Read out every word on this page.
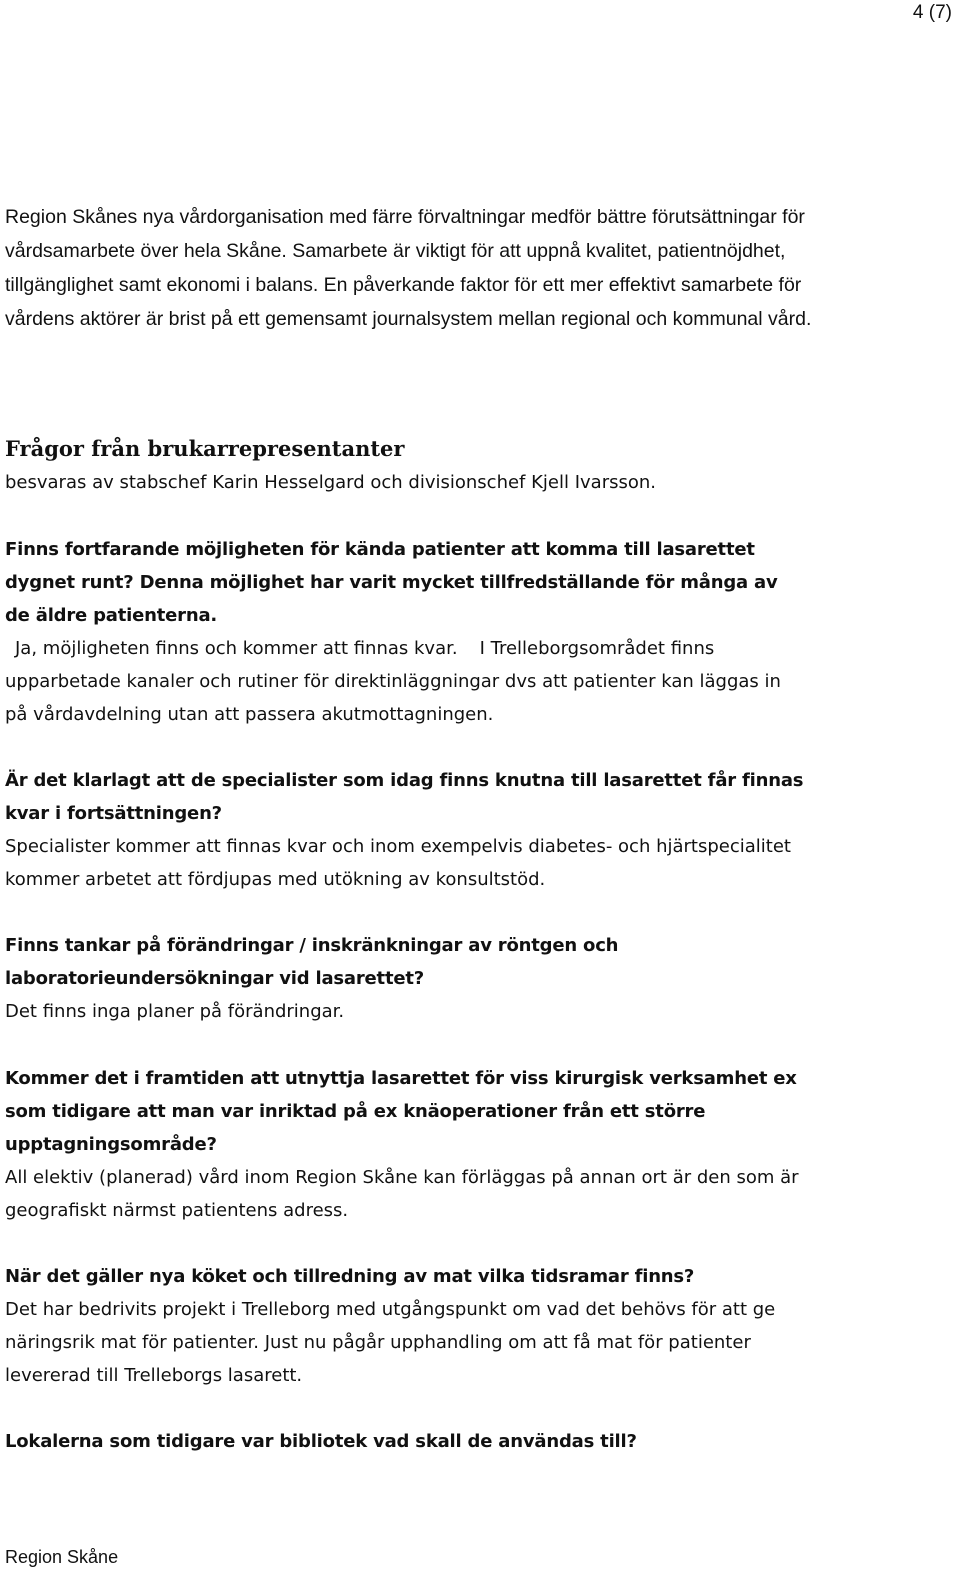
4 (7)

Region Skånes nya vårdorganisation med färre förvaltningar medför bättre förutsättningar för vårdsamarbete över hela Skåne. Samarbete är viktigt för att uppnå kvalitet, patientnöjdhet, tillgänglighet samt ekonomi i balans. En påverkande faktor för ett mer effektivt samarbete för vårdens aktörer är brist på ett gemensamt journalsystem mellan regional och kommunal vård.

Frågor från brukarrepresentanter
besvaras av stabschef Karin Hesselgard och divisionschef Kjell Ivarsson.
Finns fortfarande möjligheten för kända patienter att komma till lasarettet dygnet runt? Denna möjlighet har varit mycket tillfredställande för många av de äldre patienterna.
Ja, möjligheten finns och kommer att finnas kvar. I Trelleborgsområdet finns upparbetade kanaler och rutiner för direktinläggningar dvs att patienter kan läggas in på vårdavdelning utan att passera akutmottagningen.
Är det klarlagt att de specialister som idag finns knutna till lasarettet får finnas kvar i fortsättningen?
Specialister kommer att finnas kvar och inom exempelvis diabetes- och hjärtspecialitet kommer arbetet att fördjupas med utökning av konsultstöd.
Finns tankar på förändringar / inskränkningar av röntgen och laboratorieundersökningar vid lasarettet?
Det finns inga planer på förändringar.
Kommer det i framtiden att utnyttja lasarettet för viss kirurgisk verksamhet ex som tidigare att man var inriktad på ex knäoperationer från ett större upptagningsområde?
All elektiv (planerad) vård inom Region Skåne kan förläggas på annan ort är den som är geografiskt närmst patientens adress.
När det gäller nya köket och tillredning av mat vilka tidsramar finns?
Det har bedrivits projekt i Trelleborg med utgångspunkt om vad det behövs för att ge näringsrik mat för patienter. Just nu pågår upphandling om att få mat för patienter levererad till Trelleborgs lasarett.
Lokalerna som tidigare var bibliotek vad skall de användas till?
Region Skåne
